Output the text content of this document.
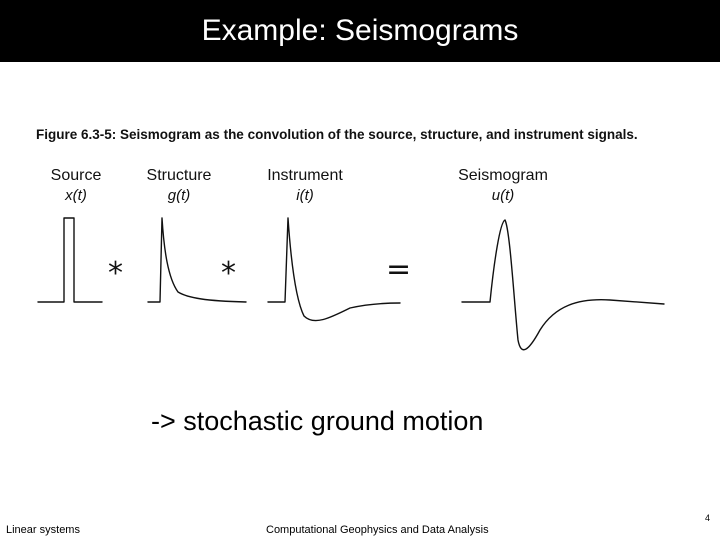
Example: Seismograms
Figure 6.3-5: Seismogram as the convolution of the source, structure, and instrument signals.
Source
x(t)
Structure
g(t)
Instrument
i(t)
Seismogram
u(t)
*	*	=
-> stochastic ground motion
Linear systems	Computational Geophysics and Data Analysis
4
